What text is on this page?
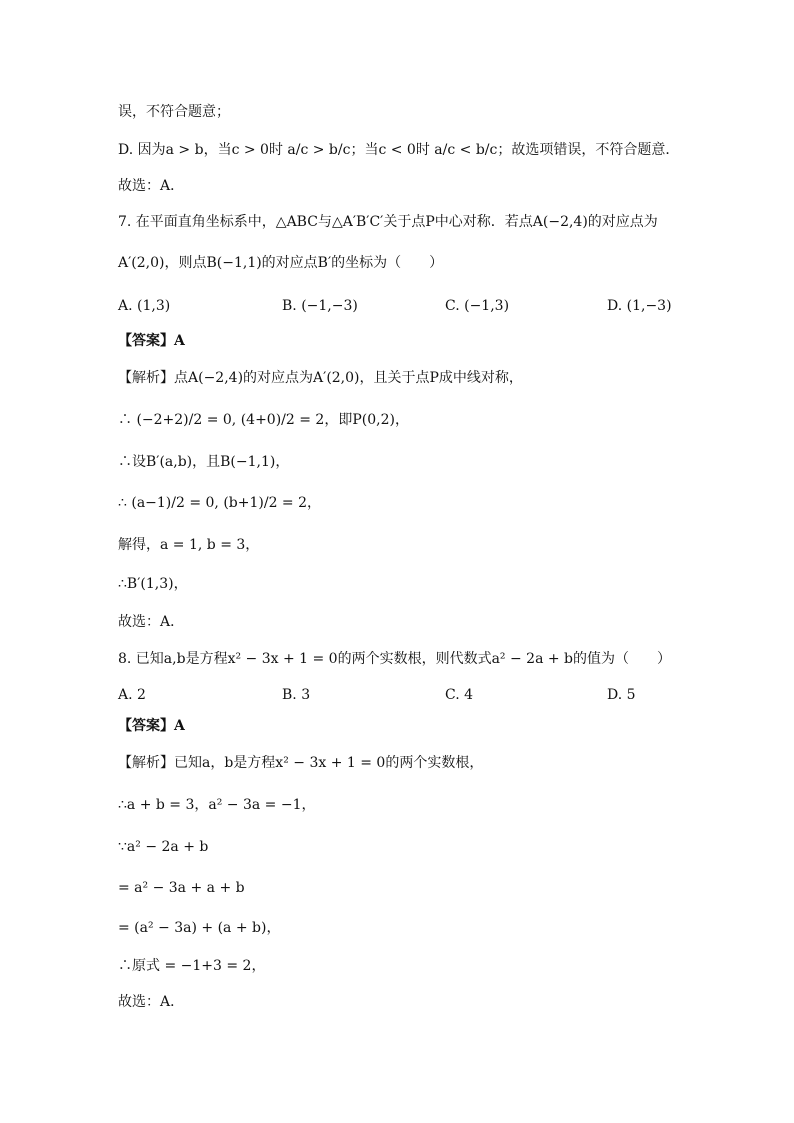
误，不符合题意；
D. 因为a > b，当c > 0时 a/c > b/c；当c < 0时 a/c < b/c；故选项错误，不符合题意．
故选：A．
7. 在平面直角坐标系中，△ABC与△A′B′C′关于点P中心对称．若点A(−2,4)的对应点为
A′(2,0)，则点B(−1,1)的对应点B′的坐标为（　　）
A. (1,3)	B. (−1,−3)	C. (−1,3)	D. (1,−3)
【答案】A
【解析】点A(−2,4)的对应点为A′(2,0)，且关于点P成中线对称，
∴ (−2+2)/2 = 0, (4+0)/2 = 2，即P(0,2)，
∴设B′(a,b)，且B(−1,1)，
∴ (a−1)/2 = 0, (b+1)/2 = 2，
解得，a = 1, b = 3，
∴B′(1,3)，
故选：A．
8. 已知a,b是方程x² − 3x + 1 = 0的两个实数根，则代数式a² − 2a + b的值为（　　）
A. 2	B. 3	C. 4	D. 5
【答案】A
【解析】已知a，b是方程x² − 3x + 1 = 0的两个实数根，
∴a + b = 3，a² − 3a = −1，
∵a² − 2a + b
= a² − 3a + a + b
= (a² − 3a) + (a + b)，
∴原式 = −1+3 = 2，
故选：A．
